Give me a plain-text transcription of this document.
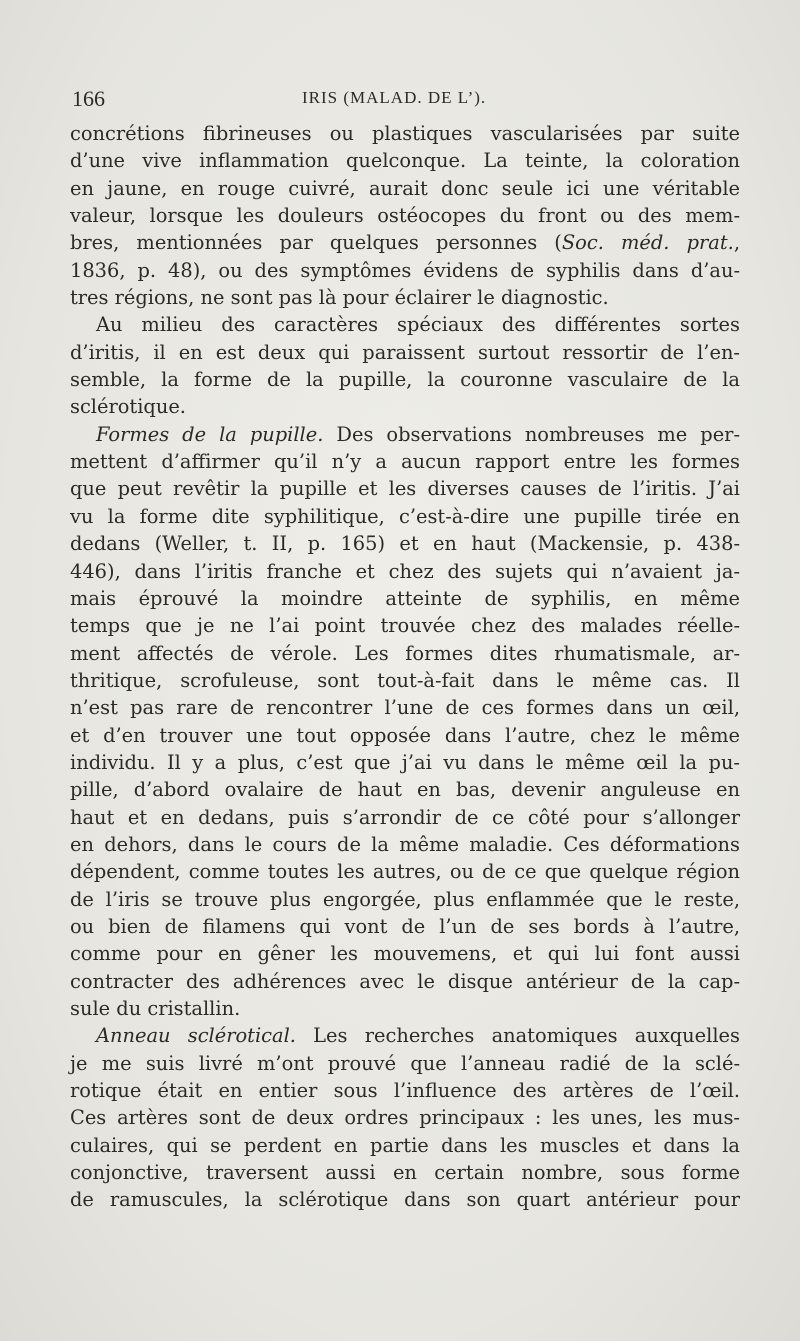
166	IRIS (MALAD. DE L’).
concrétions fibrineuses ou plastiques vascularisées par suite
d’une vive inflammation quelconque. La teinte, la coloration
en jaune, en rouge cuivré, aurait donc seule ici une véritable
valeur, lorsque les douleurs ostéocopes du front ou des mem-
bres, mentionnées par quelques personnes (Soc. méd. prat.,
1836, p. 48), ou des symptômes évidens de syphilis dans d’au-
tres régions, ne sont pas là pour éclairer le diagnostic.
Au milieu des caractères spéciaux des différentes sortes
d’iritis, il en est deux qui paraissent surtout ressortir de l’en-
semble, la forme de la pupille, la couronne vasculaire de la
sclérotique.
Formes de la pupille. Des observations nombreuses me per-
mettent d’affirmer qu’il n’y a aucun rapport entre les formes
que peut revêtir la pupille et les diverses causes de l’iritis. J’ai
vu la forme dite syphilitique, c’est-à-dire une pupille tirée en
dedans (Weller, t. II, p. 165) et en haut (Mackensie, p. 438-
446), dans l’iritis franche et chez des sujets qui n’avaient ja-
mais éprouvé la moindre atteinte de syphilis, en même
temps que je ne l’ai point trouvée chez des malades réelle-
ment affectés de vérole. Les formes dites rhumatismale, ar-
thritique, scrofuleuse, sont tout-à-fait dans le même cas. Il
n’est pas rare de rencontrer l’une de ces formes dans un œil,
et d’en trouver une tout opposée dans l’autre, chez le même
individu. Il y a plus, c’est que j’ai vu dans le même œil la pu-
pille, d’abord ovalaire de haut en bas, devenir anguleuse en
haut et en dedans, puis s’arrondir de ce côté pour s’allonger
en dehors, dans le cours de la même maladie. Ces déformations
dépendent, comme toutes les autres, ou de ce que quelque région
de l’iris se trouve plus engorgée, plus enflammée que le reste,
ou bien de filamens qui vont de l’un de ses bords à l’autre,
comme pour en gêner les mouvemens, et qui lui font aussi
contracter des adhérences avec le disque antérieur de la cap-
sule du cristallin.
Anneau sclérotical. Les recherches anatomiques auxquelles
je me suis livré m’ont prouvé que l’anneau radié de la sclé-
rotique était en entier sous l’influence des artères de l’œil.
Ces artères sont de deux ordres principaux : les unes, les mus-
culaires, qui se perdent en partie dans les muscles et dans la
conjonctive, traversent aussi en certain nombre, sous forme
de ramuscules, la sclérotique dans son quart antérieur pour
